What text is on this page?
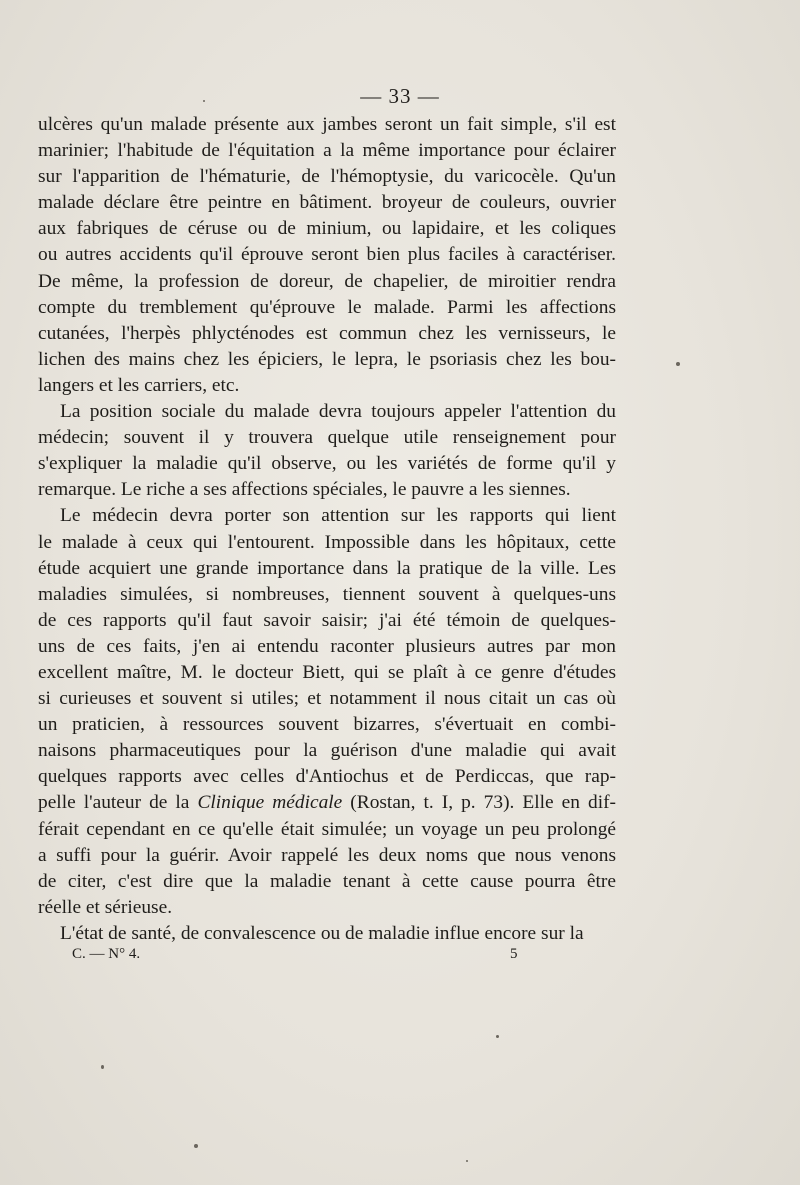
— 33 —
ulcères qu'un malade présente aux jambes seront un fait simple, s'il est
marinier; l'habitude de l'équitation a la même importance pour éclairer
sur l'apparition de l'hématurie, de l'hémoptysie, du varicocèle. Qu'un
malade déclare être peintre en bâtiment. broyeur de couleurs, ouvrier
aux fabriques de céruse ou de minium, ou lapidaire, et les coliques
ou autres accidents qu'il éprouve seront bien plus faciles à caractériser.
De même, la profession de doreur, de chapelier, de miroitier rendra
compte du tremblement qu'éprouve le malade. Parmi les affections
cutanées, l'herpès phlycténodes est commun chez les vernisseurs, le
lichen des mains chez les épiciers, le lepra, le psoriasis chez les bou-
langers et les carriers, etc.
La position sociale du malade devra toujours appeler l'attention du
médecin; souvent il y trouvera quelque utile renseignement pour
s'expliquer la maladie qu'il observe, ou les variétés de forme qu'il y
remarque. Le riche a ses affections spéciales, le pauvre a les siennes.
Le médecin devra porter son attention sur les rapports qui lient
le malade à ceux qui l'entourent. Impossible dans les hôpitaux, cette
étude acquiert une grande importance dans la pratique de la ville. Les
maladies simulées, si nombreuses, tiennent souvent à quelques-uns
de ces rapports qu'il faut savoir saisir; j'ai été témoin de quelques-
uns de ces faits, j'en ai entendu raconter plusieurs autres par mon
excellent maître, M. le docteur Biett, qui se plaît à ce genre d'études
si curieuses et souvent si utiles; et notamment il nous citait un cas où
un praticien, à ressources souvent bizarres, s'évertuait en combi-
naisons pharmaceutiques pour la guérison d'une maladie qui avait
quelques rapports avec celles d'Antiochus et de Perdiccas, que rap-
pelle l'auteur de la Clinique médicale (Rostan, t. I, p. 73). Elle en dif-
férait cependant en ce qu'elle était simulée; un voyage un peu prolongé
a suffi pour la guérir. Avoir rappelé les deux noms que nous venons
de citer, c'est dire que la maladie tenant à cette cause pourra être
réelle et sérieuse.
L'état de santé, de convalescence ou de maladie influe encore sur la
C. — N° 4.	5
